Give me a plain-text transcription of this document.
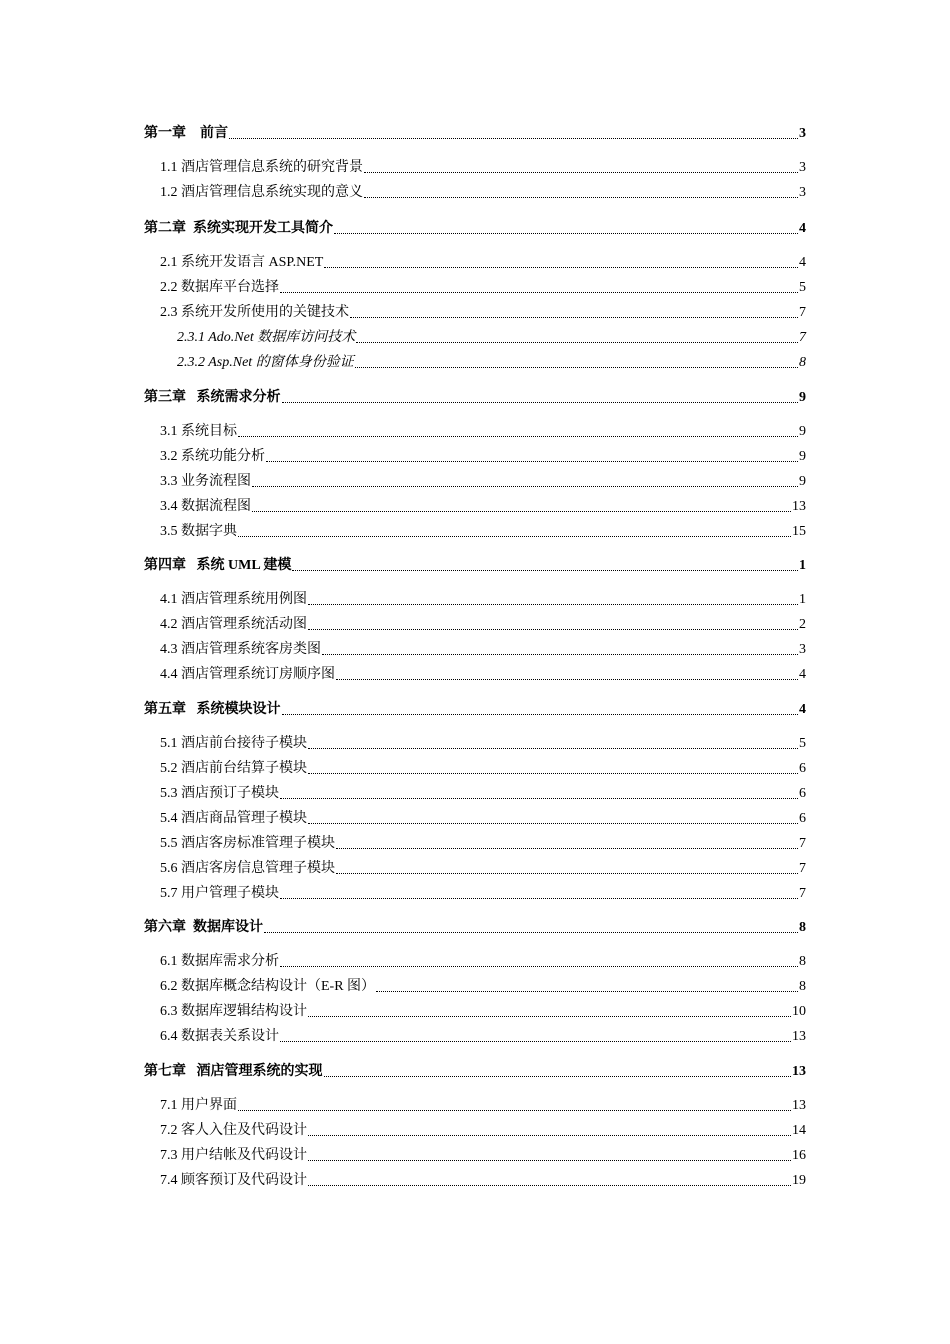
第一章    前言	3
1.1 酒店管理信息系统的研究背景	3
1.2 酒店管理信息系统实现的意义	3
第二章  系统实现开发工具简介	4
2.1 系统开发语言 ASP.NET	4
2.2 数据库平台选择	5
2.3 系统开发所使用的关键技术	7
2.3.1 Ado.Net 数据库访问技术	7
2.3.2 Asp.Net 的窗体身份验证	8
第三章   系统需求分析	9
3.1 系统目标	9
3.2 系统功能分析	9
3.3 业务流程图	9
3.4 数据流程图	13
3.5 数据字典	15
第四章   系统 UML 建模	1
4.1 酒店管理系统用例图	1
4.2 酒店管理系统活动图	2
4.3 酒店管理系统客房类图	3
4.4 酒店管理系统订房顺序图	4
第五章   系统模块设计	4
5.1 酒店前台接待子模块	5
5.2 酒店前台结算子模块	6
5.3 酒店预订子模块	6
5.4 酒店商品管理子模块	6
5.5 酒店客房标准管理子模块	7
5.6 酒店客房信息管理子模块	7
5.7 用户管理子模块	7
第六章  数据库设计	8
6.1 数据库需求分析	8
6.2 数据库概念结构设计（E-R 图）	8
6.3 数据库逻辑结构设计	10
6.4 数据表关系设计	13
第七章   酒店管理系统的实现	13
7.1 用户界面	13
7.2 客人入住及代码设计	14
7.3 用户结帐及代码设计	16
7.4 顾客预订及代码设计	19
